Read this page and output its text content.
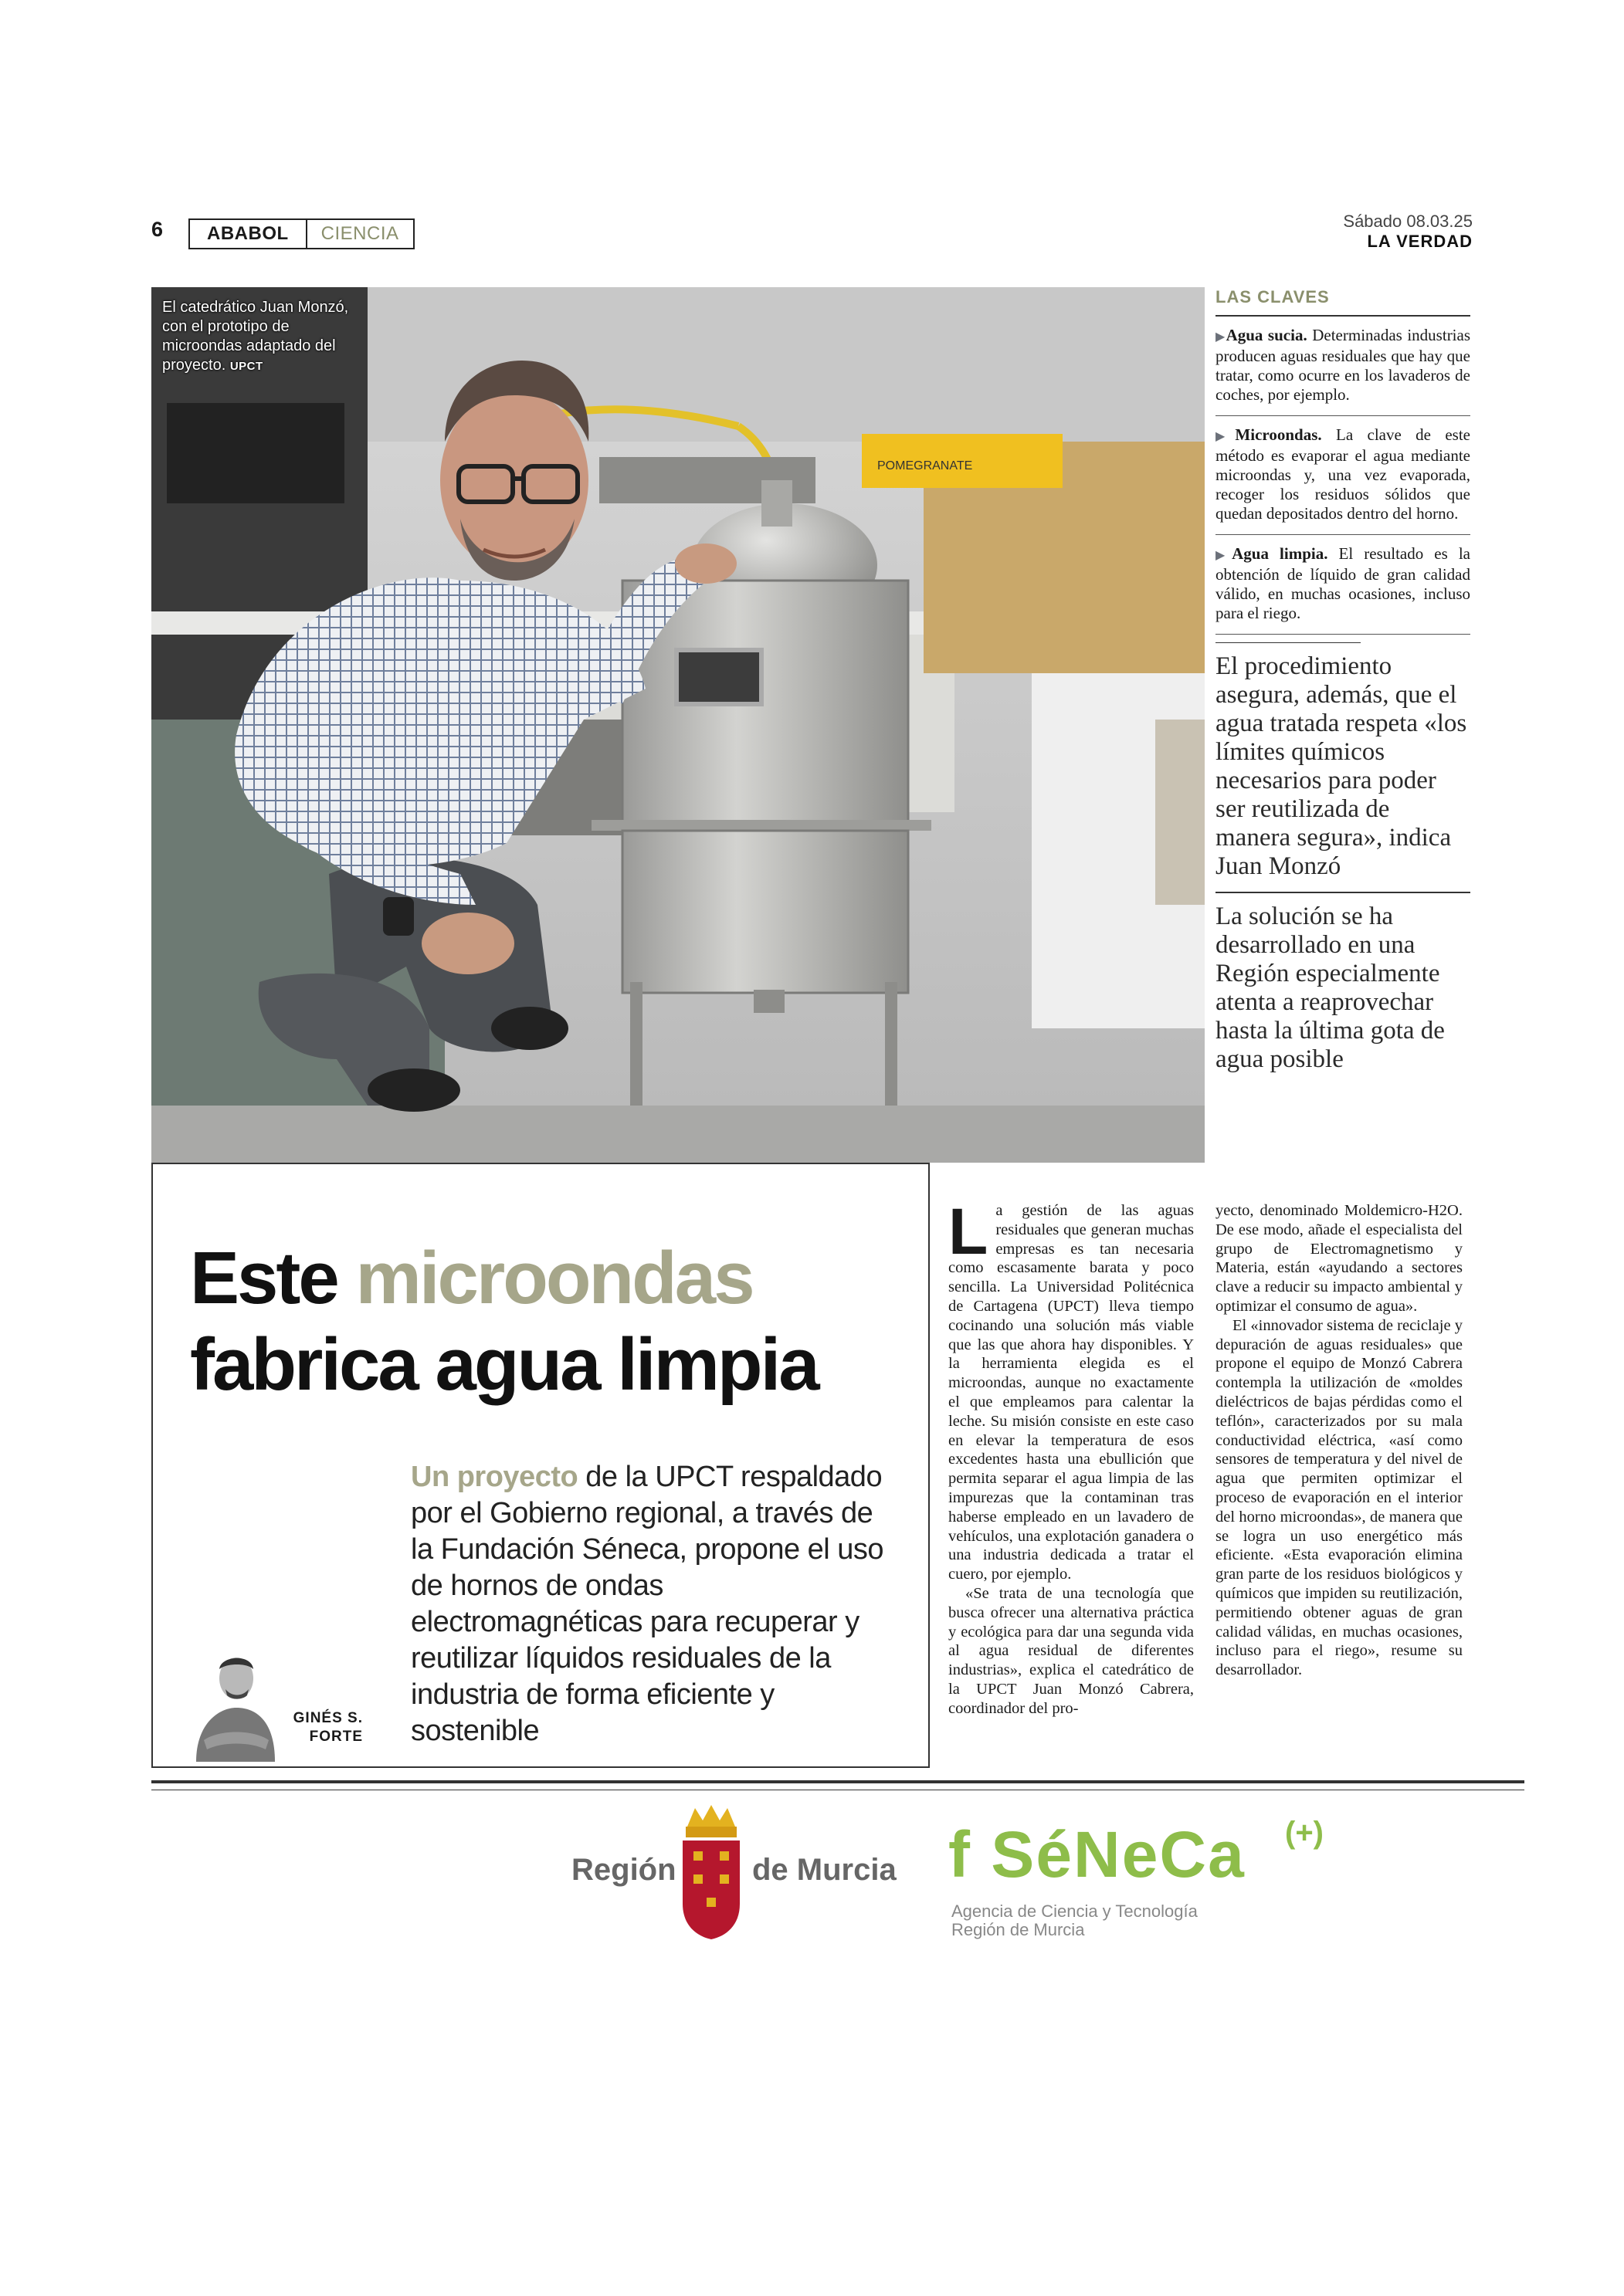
6	ABABOL	CIENCIA
Sábado 08.03.25
LA VERDAD
POMEGRANATE
El catedrático Juan Monzó, con el prototipo de microondas adaptado del proyecto. UPCT
LAS CLAVES
▶Agua sucia. Determinadas industrias producen aguas residuales que hay que tratar, como ocurre en los lavaderos de coches, por ejemplo.
▶Microondas. La clave de este método es evaporar el agua mediante microondas y, una vez evaporada, recoger los residuos sólidos que quedan depositados dentro del horno.
▶Agua limpia. El resultado es la obtención de líquido de gran calidad válido, en muchas ocasiones, incluso para el riego.
El procedimiento asegura, además, que el agua tratada respeta «los límites químicos necesarios para poder ser reutilizada de manera segura», indica Juan Monzó
La solución se ha desarrollado en una Región especialmente atenta a reaprovechar hasta la última gota de agua posible
Este microondas
fabrica agua limpia
Un proyecto de la UPCT respaldado por el Gobierno regional, a través de la Fundación Séneca, propone el uso de hornos de ondas electromagnéticas para recuperar y reutilizar líquidos residuales de la industria de forma eficiente y sostenible
GINÉS S. FORTE
L a gestión de las aguas residuales que generan muchas empresas es tan necesaria como escasamente barata y poco sencilla. La Universidad Politécnica de Cartagena (UPCT) lleva tiempo cocinando una solución más viable que las que ahora hay disponibles. Y la herramienta elegida es el microondas, aunque no exactamente el que empleamos para calentar la leche. Su misión consiste en este caso en elevar la temperatura de esos excedentes hasta una ebullición que permita separar el agua limpia de las impurezas que la contaminan tras haberse empleado en un lavadero de vehículos, una explotación ganadera o una industria dedicada a tratar el cuero, por ejemplo.

«Se trata de una tecnología que busca ofrecer una alternativa práctica y ecológica para dar una segunda vida al agua residual de diferentes industrias», explica el catedrático de la UPCT Juan Monzó Cabrera, coordinador del pro-

yecto, denominado Moldemicro-H2O. De ese modo, añade el especialista del grupo de Electromagnetismo y Materia, están «ayudando a sectores clave a reducir su impacto ambiental y optimizar el consumo de agua».

El «innovador sistema de reciclaje y depuración de aguas residuales» que propone el equipo de Monzó Cabrera contempla la utilización de «moldes dieléctricos de bajas pérdidas como el teflón», caracterizados por su mala conductividad eléctrica, «así como sensores de temperatura y del nivel de agua que permiten optimizar el proceso de evaporación en el interior del horno microondas», de manera que se logra un uso energético más eficiente. «Esta evaporación elimina gran parte de los residuos biológicos y químicos que impiden su reutilización, permitiendo obtener aguas de gran calidad válidas, en muchas ocasiones, incluso para el riego», resume su desarrollador.

Región de Murcia f SéNeCa (+)
Agencia de Ciencia y Tecnología
Región de Murcia
